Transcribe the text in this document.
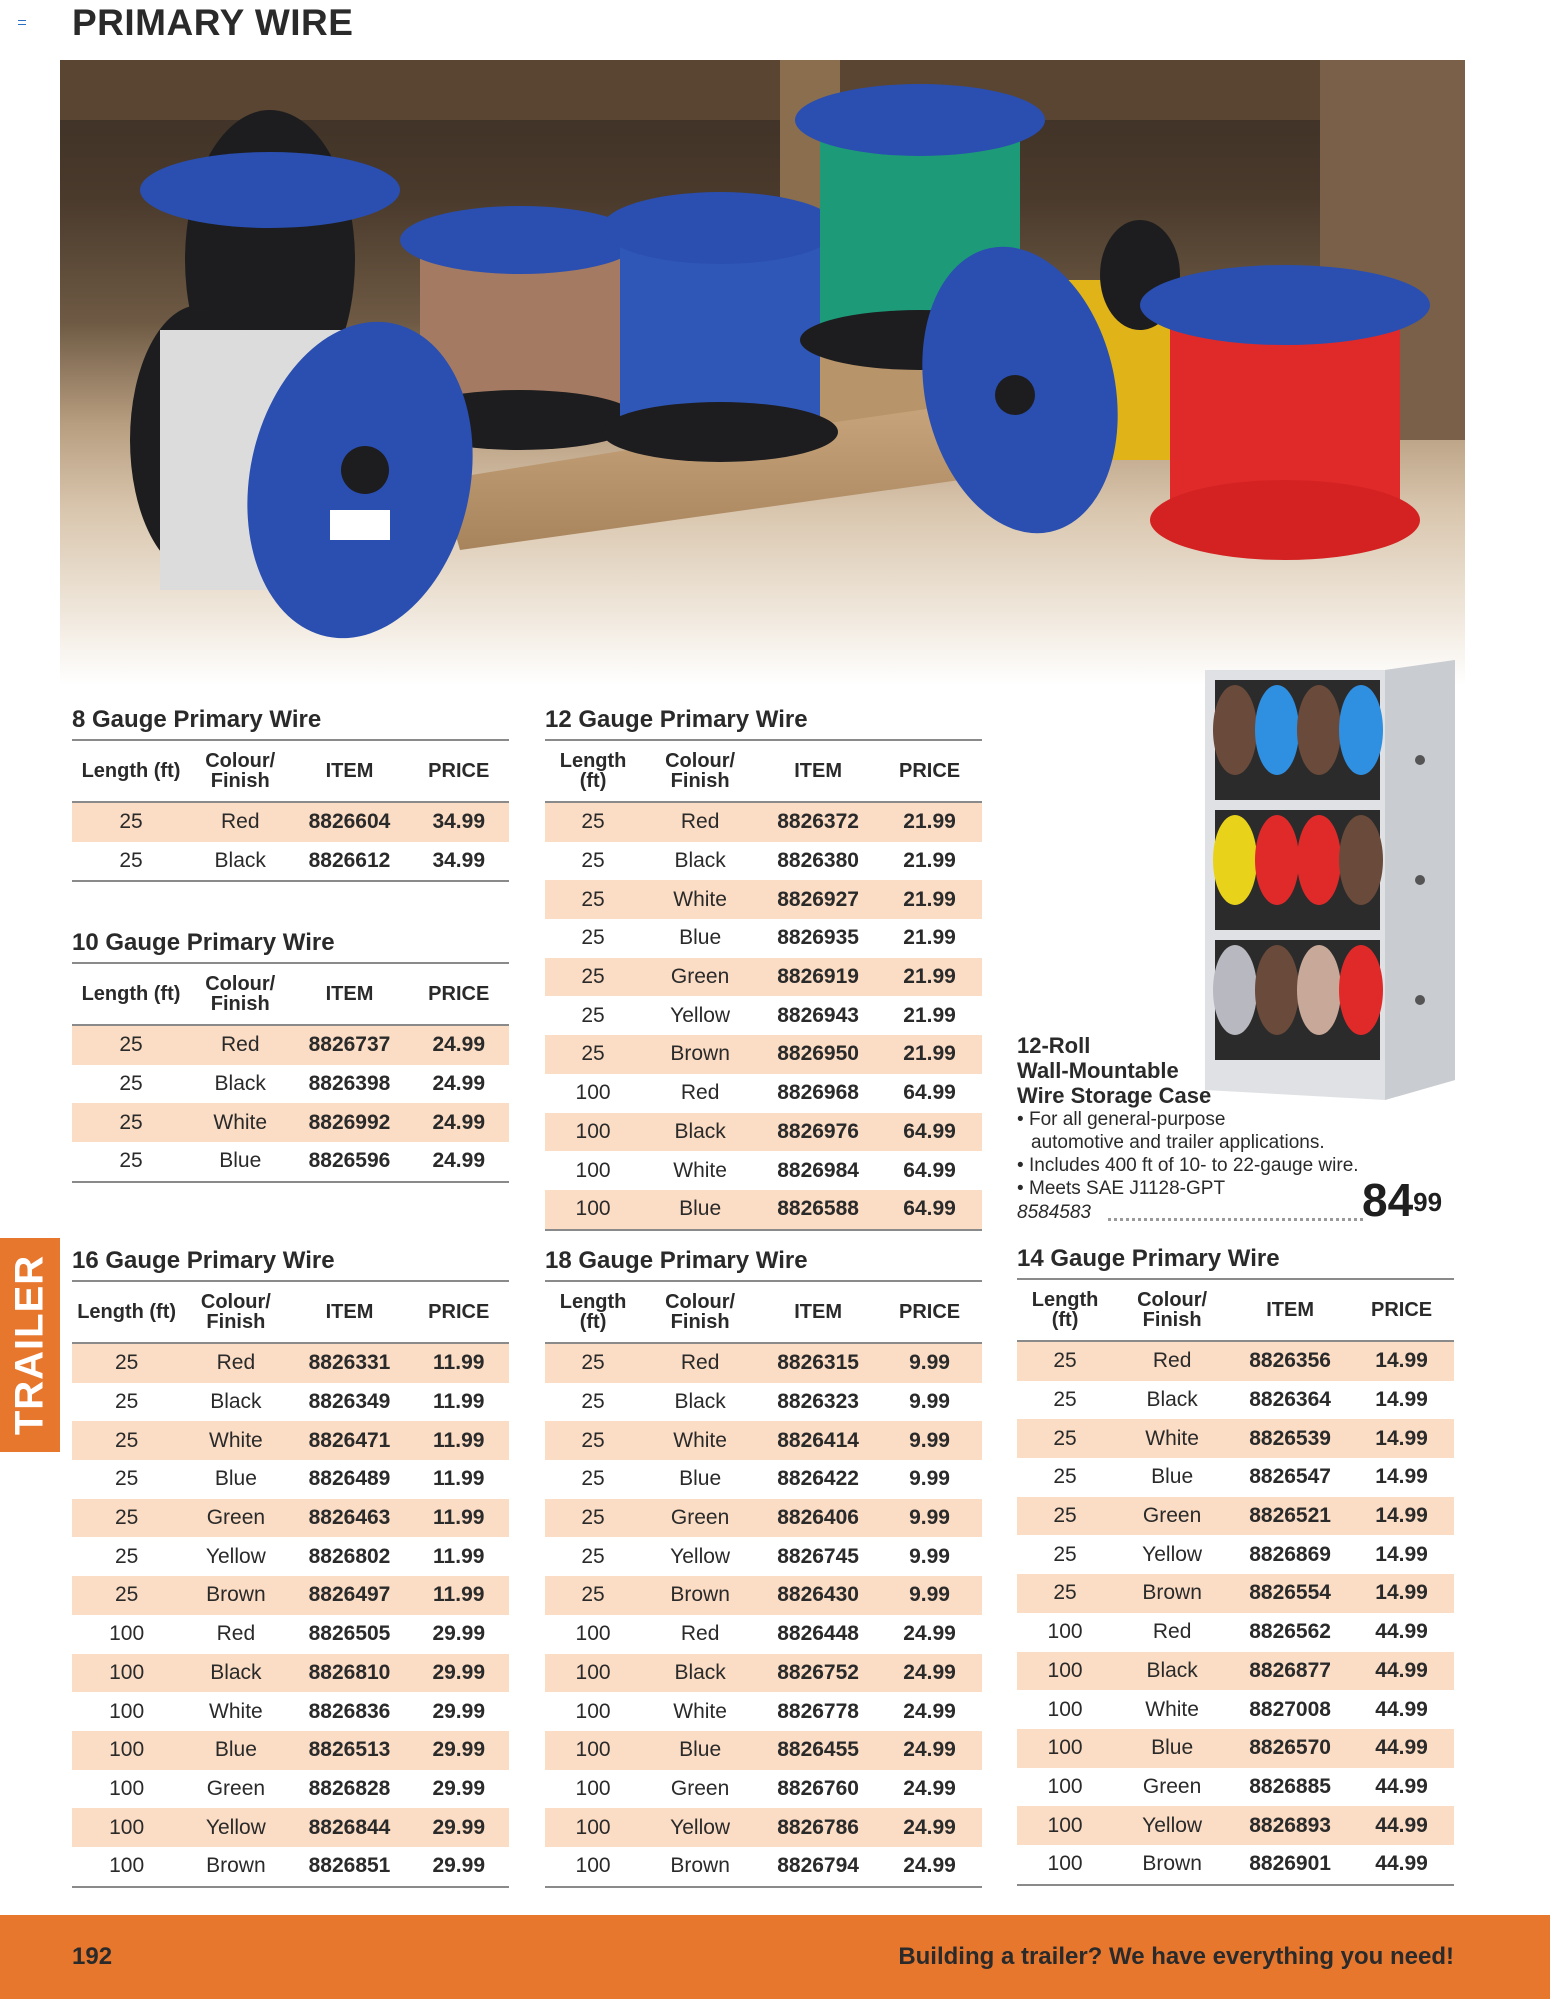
PRIMARY WIRE
8 Gauge Primary Wire
Length (ft)	Colour/ Finish	ITEM	PRICE
25	Red	8826604	34.99
25	Black	8826612	34.99
10 Gauge Primary Wire
Length (ft)	Colour/ Finish	ITEM	PRICE
25	Red	8826737	24.99
25	Black	8826398	24.99
25	White	8826992	24.99
25	Blue	8826596	24.99
12 Gauge Primary Wire
Length (ft)	Colour/ Finish	ITEM	PRICE
25	Red	8826372	21.99
25	Black	8826380	21.99
25	White	8826927	21.99
25	Blue	8826935	21.99
25	Green	8826919	21.99
25	Yellow	8826943	21.99
25	Brown	8826950	21.99
100	Red	8826968	64.99
100	Black	8826976	64.99
100	White	8826984	64.99
100	Blue	8826588	64.99
16 Gauge Primary Wire
Length (ft)	Colour/ Finish	ITEM	PRICE
25	Red	8826331	11.99
25	Black	8826349	11.99
25	White	8826471	11.99
25	Blue	8826489	11.99
25	Green	8826463	11.99
25	Yellow	8826802	11.99
25	Brown	8826497	11.99
100	Red	8826505	29.99
100	Black	8826810	29.99
100	White	8826836	29.99
100	Blue	8826513	29.99
100	Green	8826828	29.99
100	Yellow	8826844	29.99
100	Brown	8826851	29.99
18 Gauge Primary Wire
Length (ft)	Colour/ Finish	ITEM	PRICE
25	Red	8826315	9.99
25	Black	8826323	9.99
25	White	8826414	9.99
25	Blue	8826422	9.99
25	Green	8826406	9.99
25	Yellow	8826745	9.99
25	Brown	8826430	9.99
100	Red	8826448	24.99
100	Black	8826752	24.99
100	White	8826778	24.99
100	Blue	8826455	24.99
100	Green	8826760	24.99
100	Yellow	8826786	24.99
100	Brown	8826794	24.99
14 Gauge Primary Wire
Length (ft)	Colour/ Finish	ITEM	PRICE
25	Red	8826356	14.99
25	Black	8826364	14.99
25	White	8826539	14.99
25	Blue	8826547	14.99
25	Green	8826521	14.99
25	Yellow	8826869	14.99
25	Brown	8826554	14.99
100	Red	8826562	44.99
100	Black	8826877	44.99
100	White	8827008	44.99
100	Blue	8826570	44.99
100	Green	8826885	44.99
100	Yellow	8826893	44.99
100	Brown	8826901	44.99
12-Roll
Wall-Mountable
Wire Storage Case
• For all general-purpose
automotive and trailer applications.
• Includes 400 ft of 10- to 22-gauge wire.
• Meets SAE J1128-GPT
8584583	$84^{99}$
TRAILER
192	Building a trailer? We have everything you need!
